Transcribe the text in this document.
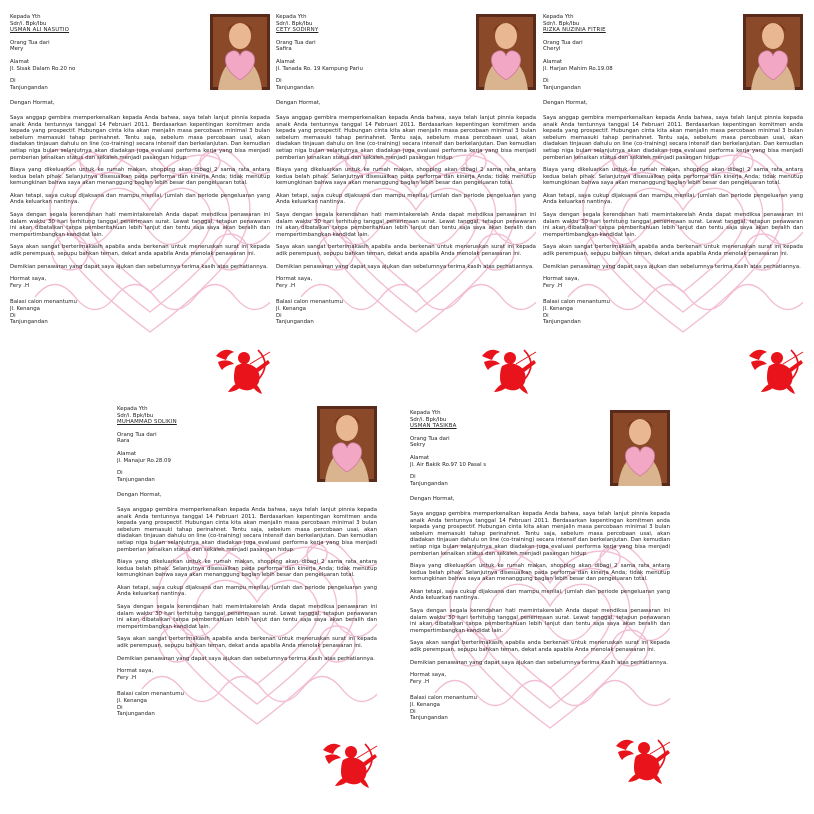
Kepada Yth
Sdr/i. Bpk/Ibu
USMAN ALI NASUTIO
Orang Tua dari
Mery
Alamat
Jl. Sisak Dalam Ro.20 no
Di
Tanjungandan
Dengan Hormat,
Saya anggap gembira memperkenalkan kepada Anda bahwa, saya telah lanjut pinnia kepada anaik Anda tentunnya tanggal 14 Februari 2011. Berdasarkan kepentingan komitmen anda kepada yang prospectif. Hubungan cinta kita akan menjalin masa percobaan minimal 3 bulan sebelum memasuki tahap perinahnet. Tentu saja, sebelum masa percobaan usai, akan diadakan tinjauan dahulu on line (co-training) secara intensif dan berkelanjutan. Dan kemudian setiap niga bulan selanjutnya akan diadakan juga evaluasi performa kerja yang bisa menjadi pemberian kenaikan status dan sekaleh menjadi pasangan hidup.
Biaya yang dikeluarkan untuk ke rumah makan, shopping akan dibagi 2 sama rata antara kedua belah pihak. Selanjutnya disesuaikan pada performa dan kinerja Anda; tidak menutup kemungkinan bahwa saya akan menanggung bagian lebih besar dan pengeluaran total.
Akan tetapi, saya cukup dijaksana dan mampu menilai, jumlah dan periode pengeluaran yang Anda keluarkan nantinya.
Saya dengan segala kerendahan hati memintakerelah Anda dapat mendiksa penawaran ini dalam waktu 30 hari terhitung tanggal penerimaan surat. Lewat tanggal, tetapun penawaran ini akan dibatalkan tanpa pemberitahuan lebih lanjut dan tentu saja saya akan beralih dan mempertimbangkan kandidat lain.
Saya akan sangat berterimakasih apabila anda berkenan untuk meneruskan surat ini kepada adik perempuan, sepupu bahkan teman, dekat anda apabila Anda menolak penawaran ini.
Demikian penawaran yang dapat saya ajukan dan sebelumnya terima kasih atas perhatiannya.
Hormat saya,
Fery .H
Balasi calon menantumu
Jl. Kenanga
Di
Tanjungandan
Kepada Yth
Sdr/i. Bpk/Ibu
CETY SODIRNY
Orang Tua dari
Safira
Alamat
Jl. Tanada Ro. 19 Kampung Pariu
Di
Tanjungandan
Dengan Hormat,
Saya anggap gembira memperkenalkan kepada Anda bahwa, saya telah lanjut pinnia kepada anaik Anda tentunnya tanggal 14 Februari 2011. Berdasarkan kepentingan komitmen anda kepada yang prospectif. Hubungan cinta kita akan menjalin masa percobaan minimal 3 bulan sebelum memasuki tahap perinahnet. Tentu saja, sebelum masa percobaan usai, akan diadakan tinjauan dahulu on line (co-training) secara intensif dan berkelanjutan. Dan kemudian setiap niga bulan selanjutnya akan diadakan juga evaluasi performa kerja yang bisa menjadi pemberian kenaikan status dan sekaleh menjadi pasangan hidup.
Biaya yang dikeluarkan untuk ke rumah makan, shopping akan dibagi 2 sama rata antara kedua belah pihak. Selanjutnya disesuaikan pada performa dan kinerja Anda; tidak menutup kemungkinan bahwa saya akan menanggung bagian lebih besar dan pengeluaran total.
Akan tetapi, saya cukup dijaksana dan mampu menilai, jumlah dan periode pengeluaran yang Anda keluarkan nantinya.
Saya dengan segala kerendahan hati memintakerelah Anda dapat mendiksa penawaran ini dalam waktu 30 hari terhitung tanggal penerimaan surat. Lewat tanggal, tetapun penawaran ini akan dibatalkan tanpa pemberitahuan lebih lanjut dan tentu saja saya akan beralih dan mempertimbangkan kandidat lain.
Saya akan sangat berterimakasih apabila anda berkenan untuk meneruskan surat ini kepada adik perempuan, sepupu bahkan teman, dekat anda apabila Anda menolak penawaran ini.
Demikian penawaran yang dapat saya ajukan dan sebelumnya terima kasih atas perhatiannya.
Hormat saya,
Fery .H
Balasi calon menantumu
Jl. Kenanga
Di
Tanjungandan
Kepada Yth
Sdr/i. Bpk/Ibu
RIZKA NUZINIA FITRIE
Orang Tua dari
Cheryl
Alamat
Jl. Harjan Mahim Ro.19.08
Di
Tanjungandan
Dengan Hormat,
Saya anggap gembira memperkenalkan kepada Anda bahwa, saya telah lanjut pinnia kepada anaik Anda tentunnya tanggal 14 Februari 2011. Berdasarkan kepentingan komitmen anda kepada yang prospectif. Hubungan cinta kita akan menjalin masa percobaan minimal 3 bulan sebelum memasuki tahap perinahnet. Tentu saja, sebelum masa percobaan usai, akan diadakan tinjauan dahulu on line (co-training) secara intensif dan berkelanjutan. Dan kemudian setiap niga bulan selanjutnya akan diadakan juga evaluasi performa kerja yang bisa menjadi pemberian kenaikan status dan sekaleh menjadi pasangan hidup.
Biaya yang dikeluarkan untuk ke rumah makan, shopping akan dibagi 2 sama rata antara kedua belah pihak. Selanjutnya disesuaikan pada performa dan kinerja Anda; tidak menutup kemungkinan bahwa saya akan menanggung bagian lebih besar dan pengeluaran total.
Akan tetapi, saya cukup dijaksana dan mampu menilai, jumlah dan periode pengeluaran yang Anda keluarkan nantinya.
Saya dengan segala kerendahan hati memintakerelah Anda dapat mendiksa penawaran ini dalam waktu 30 hari terhitung tanggal penerimaan surat. Lewat tanggal, tetapun penawaran ini akan dibatalkan tanpa pemberitahuan lebih lanjut dan tentu saja saya akan beralih dan mempertimbangkan kandidat lain.
Saya akan sangat berterimakasih apabila anda berkenan untuk meneruskan surat ini kepada adik perempuan, sepupu bahkan teman, dekat anda apabila Anda menolak penawaran ini.
Demikian penawaran yang dapat saya ajukan dan sebelumnya terima kasih atas perhatiannya.
Hormat saya,
Fery .H
Balasi calon menantumu
Jl. Kenanga
Di
Tanjungandan
Kepada Yth
Sdr/i. Bpk/Ibu
MUHAMMAD SOLIKIN
Orang Tua dari
Rara
Alamat
Jl. Manajur Ro.28.09
Di
Tanjungandan
Dengan Hormat,
Saya anggap gembira memperkenalkan kepada Anda bahwa, saya telah lanjut pinnia kepada anaik Anda tentunnya tanggal 14 Februari 2011. Berdasarkan kepentingan komitmen anda kepada yang prospectif. Hubungan cinta kita akan menjalin masa percobaan minimal 3 bulan sebelum memasuki tahap perinahnet. Tentu saja, sebelum masa percobaan usai, akan diadakan tinjauan dahulu on line (co-training) secara intensif dan berkelanjutan. Dan kemudian setiap niga bulan selanjutnya akan diadakan juga evaluasi performa kerja yang bisa menjadi pemberian kenaikan status dan sekaleh menjadi pasangan hidup.
Biaya yang dikeluarkan untuk ke rumah makan, shopping akan dibagi 2 sama rata antara kedua belah pihak. Selanjutnya disesuaikan pada performa dan kinerja Anda; tidak menutup kemungkinan bahwa saya akan menanggung bagian lebih besar dan pengeluaran total.
Akan tetapi, saya cukup dijaksana dan mampu menilai, jumlah dan periode pengeluaran yang Anda keluarkan nantinya.
Saya dengan segala kerendahan hati memintakerelah Anda dapat mendiksa penawaran ini dalam waktu 30 hari terhitung tanggal penerimaan surat. Lewat tanggal, tetapun penawaran ini akan dibatalkan tanpa pemberitahuan lebih lanjut dan tentu saja saya akan beralih dan mempertimbangkan kandidat lain.
Saya akan sangat berterimakasih apabila anda berkenan untuk meneruskan surat ini kepada adik perempuan, sepupu bahkan teman, dekat anda apabila Anda menolak penawaran ini.
Demikian penawaran yang dapat saya ajukan dan sebelumnya terima kasih atas perhatiannya.
Hormat saya,
Fery .H
Balasi calon menantumu
Jl. Kenanga
Di
Tanjungandan
Kepada Yth
Sdr/i. Bpk/Ibu
USMAN TASIKBA
Orang Tua dari
Sekry
Alamat
Jl. Air Bakik Ro.97 10 Pasal s
Di
Tanjungandan
Dengan Hormat,
Saya anggap gembira memperkenalkan kepada Anda bahwa, saya telah lanjut pinnia kepada anaik Anda tentunnya tanggal 14 Februari 2011. Berdasarkan kepentingan komitmen anda kepada yang prospectif. Hubungan cinta kita akan menjalin masa percobaan minimal 3 bulan sebelum memasuki tahap perinahnet. Tentu saja, sebelum masa percobaan usai, akan diadakan tinjauan dahulu on line (co-training) secara intensif dan berkelanjutan. Dan kemudian setiap niga bulan selanjutnya akan diadakan juga evaluasi performa kerja yang bisa menjadi pemberian kenaikan status dan sekaleh menjadi pasangan hidup.
Biaya yang dikeluarkan untuk ke rumah makan, shopping akan dibagi 2 sama rata antara kedua belah pihak. Selanjutnya disesuaikan pada performa dan kinerja Anda; tidak menutup kemungkinan bahwa saya akan menanggung bagian lebih besar dan pengeluaran total.
Akan tetapi, saya cukup dijaksana dan mampu menilai, jumlah dan periode pengeluaran yang Anda keluarkan nantinya.
Saya dengan segala kerendahan hati memintakerelah Anda dapat mendiksa penawaran ini dalam waktu 30 hari terhitung tanggal penerimaan surat. Lewat tanggal, tetapun penawaran ini akan dibatalkan tanpa pemberitahuan lebih lanjut dan tentu saja saya akan beralih dan mempertimbangkan kandidat lain.
Saya akan sangat berterimakasih apabila anda berkenan untuk meneruskan surat ini kepada adik perempuan, sepupu bahkan teman, dekat anda apabila Anda menolak penawaran ini.
Demikian penawaran yang dapat saya ajukan dan sebelumnya terima kasih atas perhatiannya.
Hormat saya,
Fery .H
Balasi calon menantumu
Jl. Kenanga
Di
Tanjungandan
